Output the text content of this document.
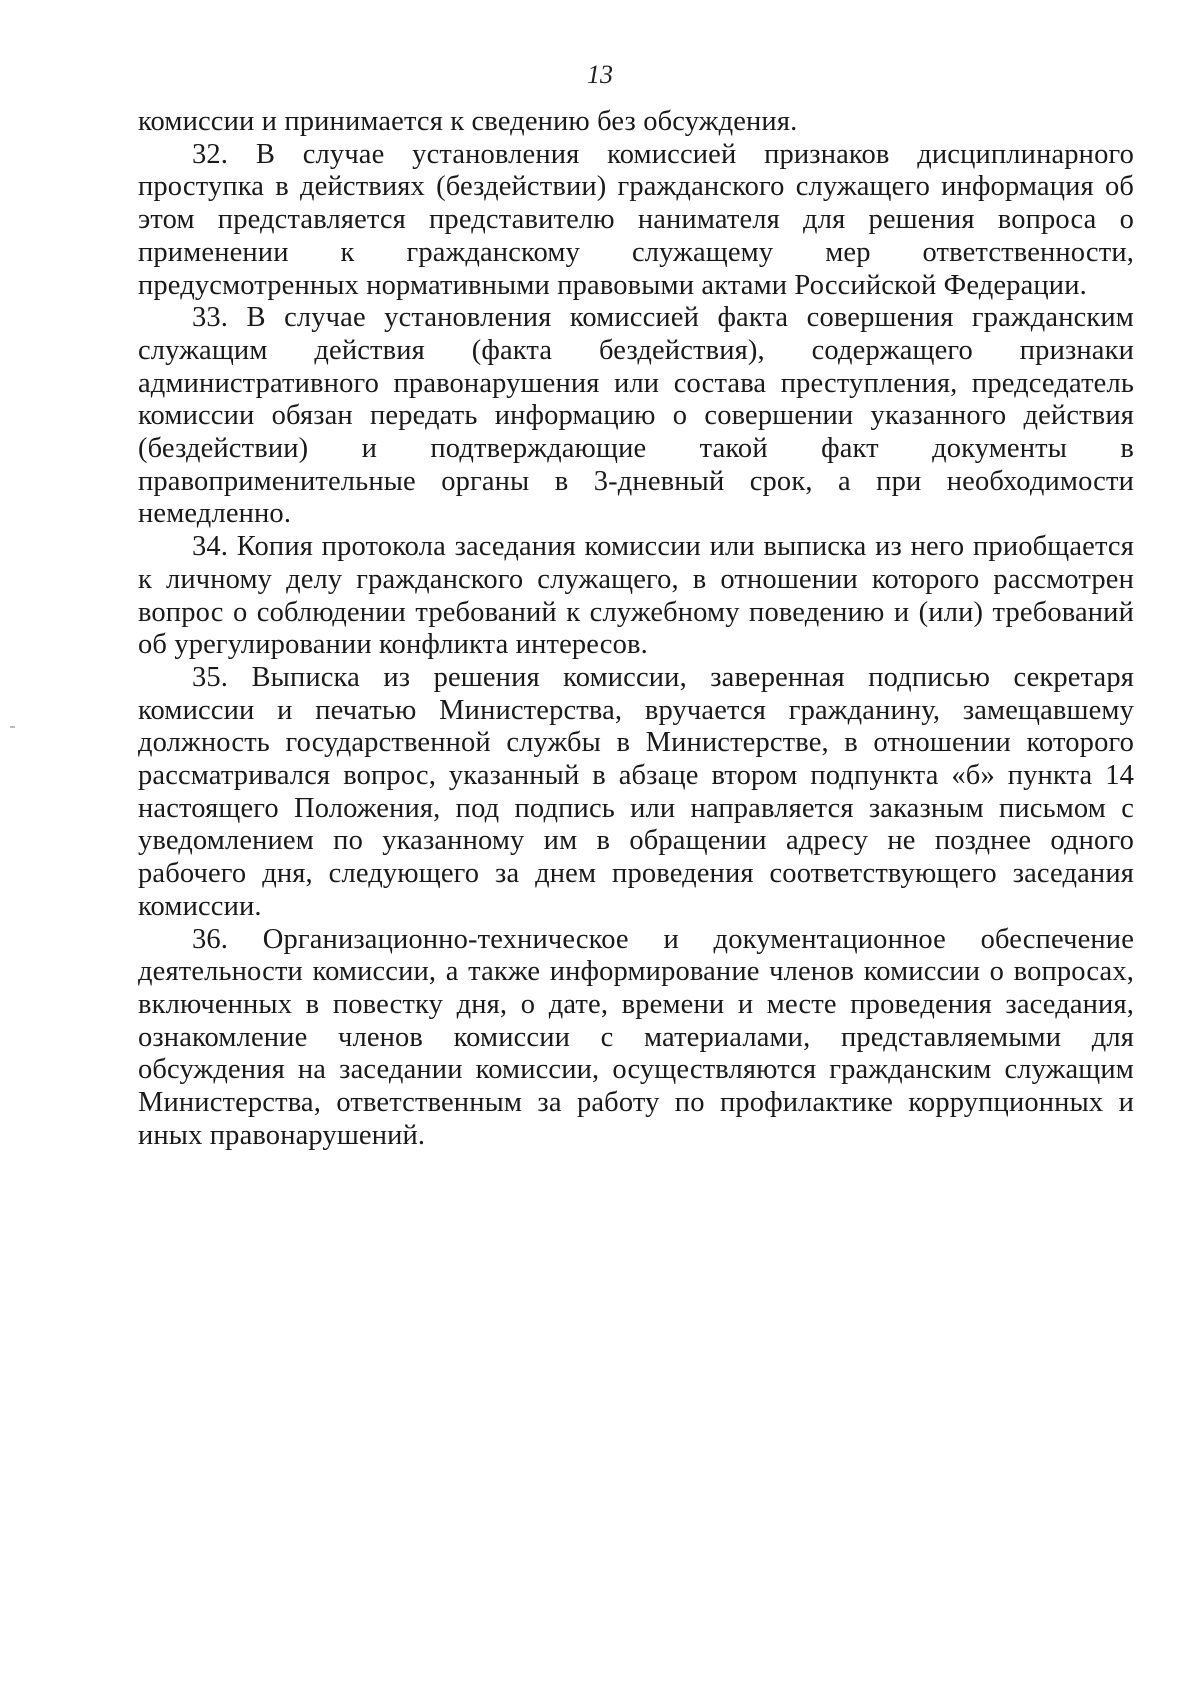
13

комиссии и принимается к сведению без обсуждения.

32. В случае установления комиссией признаков дисциплинарного проступка в действиях (бездействии) гражданского служащего информация об этом представляется представителю нанимателя для решения вопроса о применении к гражданскому служащему мер ответственности, предусмотренных нормативными правовыми актами Российской Федерации.

33. В случае установления комиссией факта совершения гражданским служащим действия (факта бездействия), содержащего признаки административного правонарушения или состава преступления, председатель комиссии обязан передать информацию о совершении указанного действия (бездействии) и подтверждающие такой факт документы в правоприменительные органы в 3-дневный срок, а при необходимости немедленно.

34. Копия протокола заседания комиссии или выписка из него приобщается к личному делу гражданского служащего, в отношении которого рассмотрен вопрос о соблюдении требований к служебному поведению и (или) требований об урегулировании конфликта интересов.

35. Выписка из решения комиссии, заверенная подписью секретаря комиссии и печатью Министерства, вручается гражданину, замещавшему должность государственной службы в Министерстве, в отношении которого рассматривался вопрос, указанный в абзаце втором подпункта «б» пункта 14 настоящего Положения, под подпись или направляется заказным письмом с уведомлением по указанному им в обращении адресу не позднее одного рабочего дня, следующего за днем проведения соответствующего заседания комиссии.

36. Организационно-техническое и документационное обеспечение деятельности комиссии, а также информирование членов комиссии о вопросах, включенных в повестку дня, о дате, времени и месте проведения заседания, ознакомление членов комиссии с материалами, представляемыми для обсуждения на заседании комиссии, осуществляются гражданским служащим Министерства, ответственным за работу по профилактике коррупционных и иных правонарушений.
